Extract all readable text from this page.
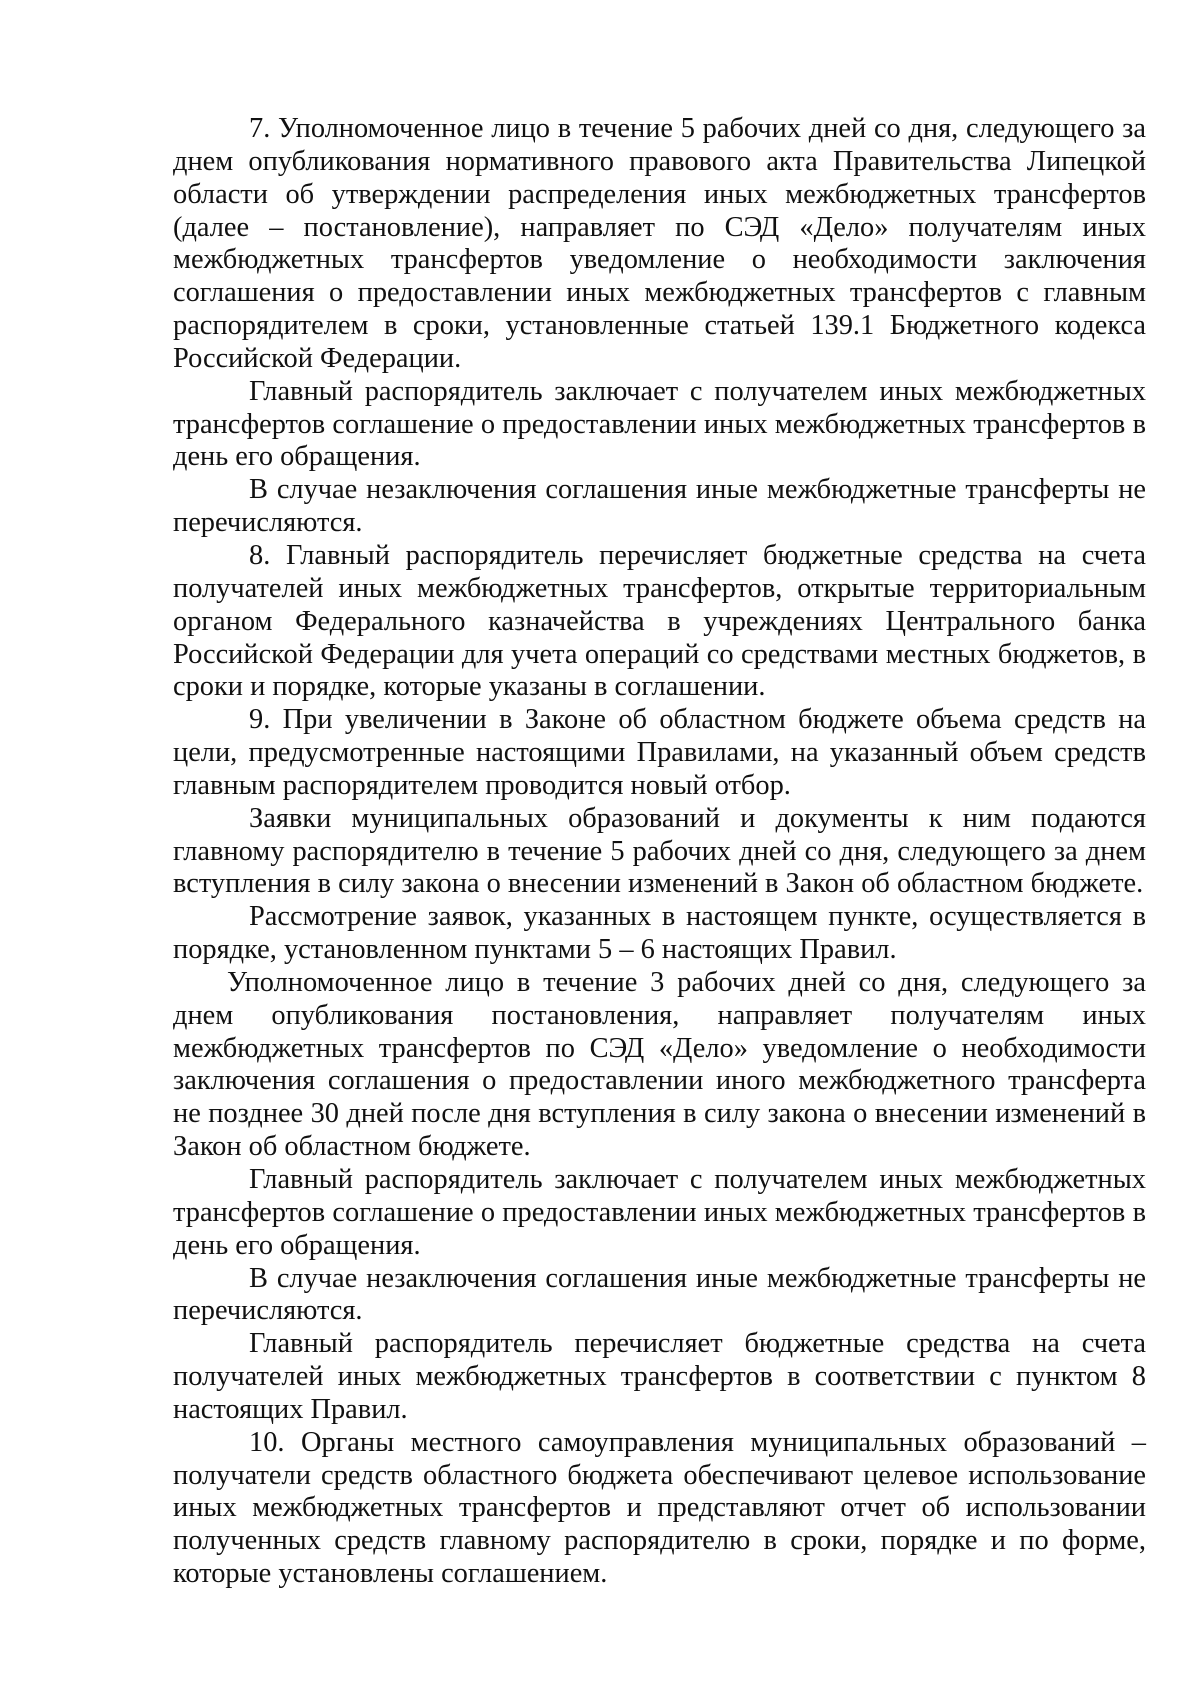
7. Уполномоченное лицо в течение 5 рабочих дней со дня, следующего за днем опубликования нормативного правового акта Правительства Липецкой области об утверждении распределения иных межбюджетных трансфертов (далее – постановление), направляет по СЭД «Дело» получателям иных межбюджетных трансфертов уведомление о необходимости заключения соглашения о предоставлении иных межбюджетных трансфертов с главным распорядителем в сроки, установленные статьей 139.1 Бюджетного кодекса Российской Федерации.

Главный распорядитель заключает с получателем иных межбюджетных трансфертов соглашение о предоставлении иных межбюджетных трансфертов в день его обращения.

В случае незаключения соглашения иные межбюджетные трансферты не перечисляются.

8. Главный распорядитель перечисляет бюджетные средства на счета получателей иных межбюджетных трансфертов, открытые территориальным органом Федерального казначейства в учреждениях Центрального банка Российской Федерации для учета операций со средствами местных бюджетов, в сроки и порядке, которые указаны в соглашении.

9. При увеличении в Законе об областном бюджете объема средств на цели, предусмотренные настоящими Правилами, на указанный объем средств главным распорядителем проводится новый отбор.

Заявки муниципальных образований и документы к ним подаются главному распорядителю в течение 5 рабочих дней со дня, следующего за днем вступления в силу закона о внесении изменений в Закон об областном бюджете.

Рассмотрение заявок, указанных в настоящем пункте, осуществляется в порядке, установленном пунктами 5 – 6 настоящих Правил.

Уполномоченное лицо в течение 3 рабочих дней со дня, следующего за днем опубликования постановления, направляет получателям иных межбюджетных трансфертов по СЭД «Дело» уведомление о необходимости заключения соглашения о предоставлении иного межбюджетного трансферта не позднее 30 дней после дня вступления в силу закона о внесении изменений в Закон об областном бюджете.

Главный распорядитель заключает с получателем иных межбюджетных трансфертов соглашение о предоставлении иных межбюджетных трансфертов в день его обращения.

В случае незаключения соглашения иные межбюджетные трансферты не перечисляются.

Главный распорядитель перечисляет бюджетные средства на счета получателей иных межбюджетных трансфертов в соответствии с пунктом 8 настоящих Правил.

10. Органы местного самоуправления муниципальных образований – получатели средств областного бюджета обеспечивают целевое использование иных межбюджетных трансфертов и представляют отчет об использовании полученных средств главному распорядителю в сроки, порядке и по форме, которые установлены соглашением.
